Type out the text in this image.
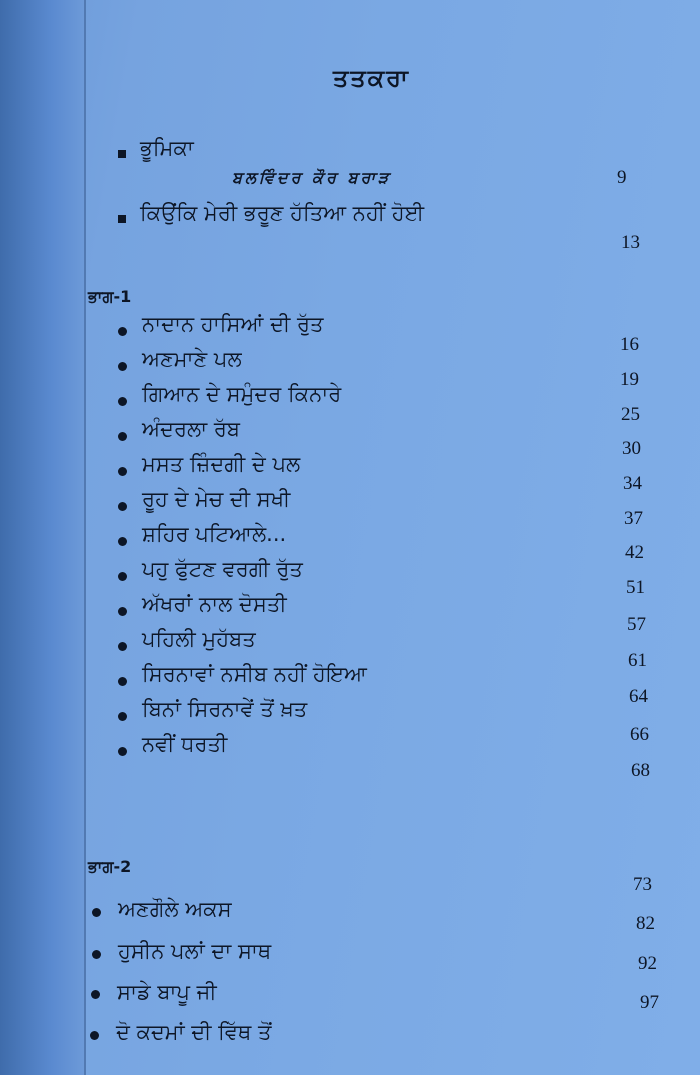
ਤਤਕਰਾ
ਭੂਮਿਕਾ
ਬਲਵਿੰਦਰ ਕੌਰ ਬਰਾੜ	9
ਕਿਉਂਕਿ ਮੇਰੀ ਭਰੂਣ ਹੱਤਿਆ ਨਹੀਂ ਹੋਈ
13
ਭਾਗ-1
ਨਾਦਾਨ ਹਾਸਿਆਂ ਦੀ ਰੁੱਤ
ਅਣਮਾਣੇ ਪਲ
ਗਿਆਨ ਦੇ ਸਮੁੰਦਰ ਕਿਨਾਰੇ
ਅੰਦਰਲਾ ਰੱਬ
ਮਸਤ ਜ਼ਿੰਦਗੀ ਦੇ ਪਲ
ਰੂਹ ਦੇ ਮੇਚ ਦੀ ਸਖੀ
ਸ਼ਹਿਰ ਪਟਿਆਲੇ...
ਪਹੁ ਫੁੱਟਣ ਵਰਗੀ ਰੁੱਤ
ਅੱਖਰਾਂ ਨਾਲ ਦੋਸਤੀ
ਪਹਿਲੀ ਮੁਹੱਬਤ
ਸਿਰਨਾਵਾਂ ਨਸੀਬ ਨਹੀਂ ਹੋਇਆ
ਬਿਨਾਂ ਸਿਰਨਾਵੇਂ ਤੋਂ ਖ਼ਤ
ਨਵੀਂ ਧਰਤੀ
16
19
25
30
34
37
42
51
57
61
64
66
68
ਭਾਗ-2
73
ਅਣਗੌਲੇ ਅਕਸ
82
ਹੁਸੀਨ ਪਲਾਂ ਦਾ ਸਾਥ
92
ਸਾਡੇ ਬਾਪੂ ਜੀ	97
ਦੋ ਕਦਮਾਂ ਦੀ ਵਿੱਥ ਤੋਂ
